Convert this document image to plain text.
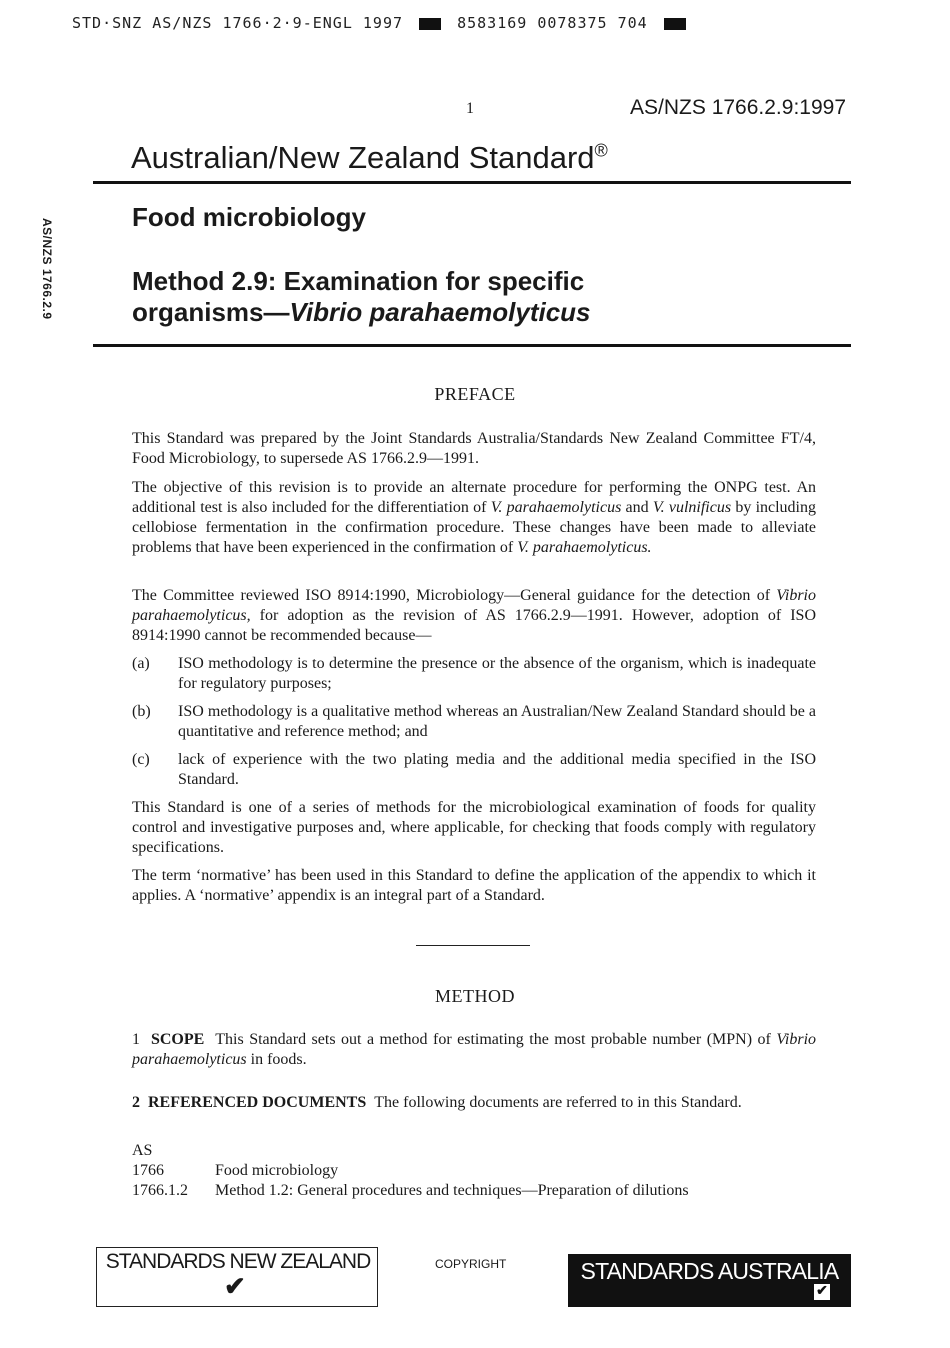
STD·SNZ AS/NZS 1766·2·9-ENGL 1997	8583169 0078375 704
1	AS/NZS 1766.2.9:1997
Australian/New Zealand Standard®
AS/NZS 1766.2.9
Food microbiology
Method 2.9: Examination for specific
organisms—Vibrio parahaemolyticus
PREFACE
This Standard was prepared by the Joint Standards Australia/Standards New Zealand Committee FT/4, Food Microbiology, to supersede AS 1766.2.9—1991.
The objective of this revision is to provide an alternate procedure for performing the ONPG test. An additional test is also included for the differentiation of V. parahaemolyticus and V. vulnificus by including cellobiose fermentation in the confirmation procedure. These changes have been made to alleviate problems that have been experienced in the confirmation of V. parahaemolyticus.
The Committee reviewed ISO 8914:1990, Microbiology—General guidance for the detection of Vibrio parahaemolyticus, for adoption as the revision of AS 1766.2.9—1991. However, adoption of ISO 8914:1990 cannot be recommended because—
(a) ISO methodology is to determine the presence or the absence of the organism, which is inadequate for regulatory purposes;
(b) ISO methodology is a qualitative method whereas an Australian/New Zealand Standard should be a quantitative and reference method; and
(c) lack of experience with the two plating media and the additional media specified in the ISO Standard.
This Standard is one of a series of methods for the microbiological examination of foods for quality control and investigative purposes and, where applicable, for checking that foods comply with regulatory specifications.
The term ‘normative’ has been used in this Standard to define the application of the appendix to which it applies. A ‘normative’ appendix is an integral part of a Standard.
METHOD
1 SCOPE This Standard sets out a method for estimating the most probable number (MPN) of Vibrio parahaemolyticus in foods.
2 REFERENCED DOCUMENTS The following documents are referred to in this Standard.
AS
1766	Food microbiology
1766.1.2 Method 1.2: General procedures and techniques—Preparation of dilutions
STANDARDS NEW ZEALAND
✔
COPYRIGHT	STANDARDS AUSTRALIA
✔
